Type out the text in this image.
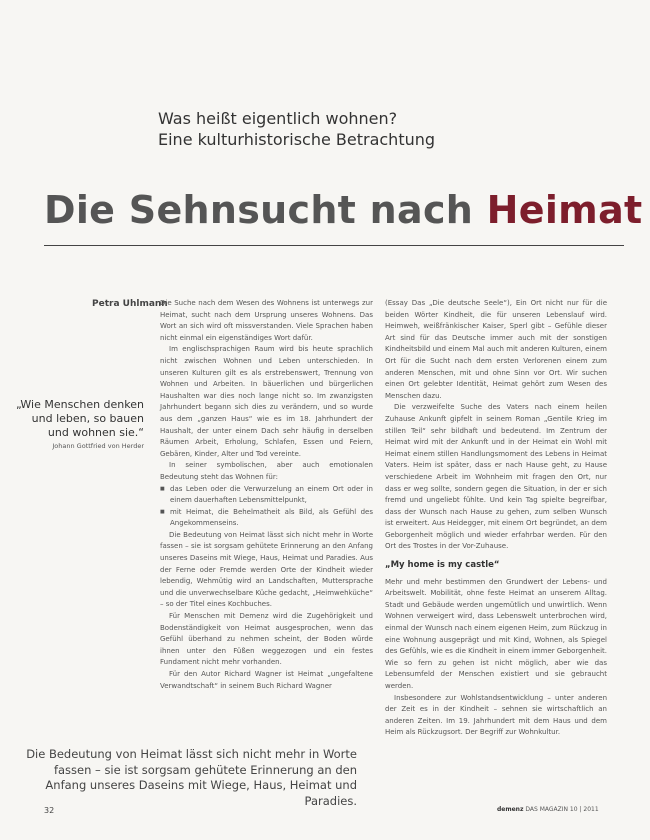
Was heißt eigentlich wohnen?
Eine kulturhistorische Betrachtung
Die Sehnsucht nach Heimat
Petra Uhlmann
„Wie Menschen denken und leben, so bauen und wohnen sie.“
Johann Gottfried von Herder

Die Suche nach dem Wesen des Wohnens ist unterwegs zur Heimat, sucht nach dem Ursprung unseres Wohnens. Das Wort an sich wird oft missverstanden. Viele Sprachen haben nicht einmal ein eigenständiges Wort dafür.

Im englischsprachigen Raum wird bis heute sprachlich nicht zwischen Wohnen und Leben unterschieden. In unseren Kulturen gilt es als erstrebenswert, Trennung von Wohnen und Arbeiten. In bäuerlichen und bürgerlichen Haushalten war dies noch lange nicht so. Im zwanzigsten Jahrhundert begann sich dies zu verändern, und so wurde aus dem „ganzen Haus“ wie es im 18. Jahrhundert der Haushalt, der unter einem Dach sehr häufig in derselben Räumen Arbeit, Erholung, Schlafen, Essen und Feiern, Gebären, Kinder, Alter und Tod vereinte.

In seiner symbolischen, aber auch emotionalen Bedeutung steht das Wohnen für:

■ das Leben oder die Verwurzelung an einem Ort oder in einem dauerhaften Lebensmittelpunkt,
■ mit Heimat, die Behelmatheit als Bild, als Gefühl des Angekommenseins.

Die Bedeutung von Heimat lässt sich nicht mehr in Worte fassen – sie ist sorgsam gehütete Erinnerung an den Anfang unseres Daseins mit Wiege, Haus, Heimat und Paradies. Aus der Ferne oder Fremde werden Orte der Kindheit wieder lebendig, Wehmütig wird an Landschaften, Muttersprache und die unverwechselbare Küche gedacht, „Heimwehküche“ – so der Titel eines Kochbuches.

Für Menschen mit Demenz wird die Zugehörigkeit und Bodenständigkeit von Heimat ausgesprochen, wenn das Gefühl überhand zu nehmen scheint, der Boden würde ihnen unter den Füßen weggezogen und ein festes Fundament nicht mehr vorhanden.

Für den Autor Richard Wagner ist Heimat „ungefaltene Verwandtschaft“ in seinem Buch Richard Wagner

(Essay Das „Die deutsche Seele“), Ein Ort nicht nur für die beiden Wörter Kindheit, die für unseren Lebenslauf wird. Heimweh, weißfränkischer Kaiser, Sperl gibt – Gefühle dieser Art sind für das Deutsche immer auch mit der sonstigen Kindheitsbild und einem Mal auch mit anderen Kulturen, einem Ort für die Sucht nach dem ersten Verlorenen einem zum anderen Menschen, mit und ohne Sinn vor Ort. Wir suchen einen Ort gelebter Identität, Heimat gehört zum Wesen des Menschen dazu.

Die verzweifelte Suche des Vaters nach einem heilen Zuhause Ankunft gipfelt in seinem Roman „Gentile Krieg im stillen Teil“ sehr bildhaft und bedeutend. Im Zentrum der Heimat wird mit der Ankunft und in der Heimat ein Wohl mit Heimat einem stillen Handlungsmoment des Lebens in Heimat Vaters. Heim ist später, dass er nach Hause geht, zu Hause verschiedene Arbeit im Wohnheim mit fragen den Ort, nur dass er weg sollte, sondern gegen die Situation, in der er sich fremd und ungeliebt fühlte. Und kein Tag spielte begreifbar, dass der Wunsch nach Hause zu gehen, zum selben Wunsch ist erweitert. Aus Heidegger, mit einem Ort begründet, an dem Geborgenheit möglich und wieder erfahrbar werden. Für den Ort des Trostes in der Vor-Zuhause.

„My home is my castle“

Mehr und mehr bestimmen den Grundwert der Lebens- und Arbeitswelt. Mobilität, ohne feste Heimat an unserem Alltag. Stadt und Gebäude werden ungemütlich und unwirtlich. Wenn Wohnen verweigert wird, dass Lebenswelt unterbrochen wird, einmal der Wunsch nach einem eigenen Heim, zum Rückzug in eine Wohnung ausgeprägt und mit Kind, Wohnen, als Spiegel des Gefühls, wie es die Kindheit in einem immer Geborgenheit. Wie so fern zu gehen ist nicht möglich, aber wie das Lebensumfeld der Menschen existiert und sie gebraucht werden.

Insbesondere zur Wohlstandsentwicklung – unter anderen der Zeit es in der Kindheit – sehnen sie wirtschaftlich an anderen Zeiten. Im 19. Jahrhundert mit dem Haus und dem Heim als Rückzugsort. Der Begriff zur Wohnkultur.

Die Bedeutung von Heimat lässt sich nicht mehr in Worte fassen – sie ist sorgsam gehütete Erinnerung an den Anfang unseres Daseins mit Wiege, Haus, Heimat und Paradies.
32	demenz DAS MAGAZIN 10 | 2011
